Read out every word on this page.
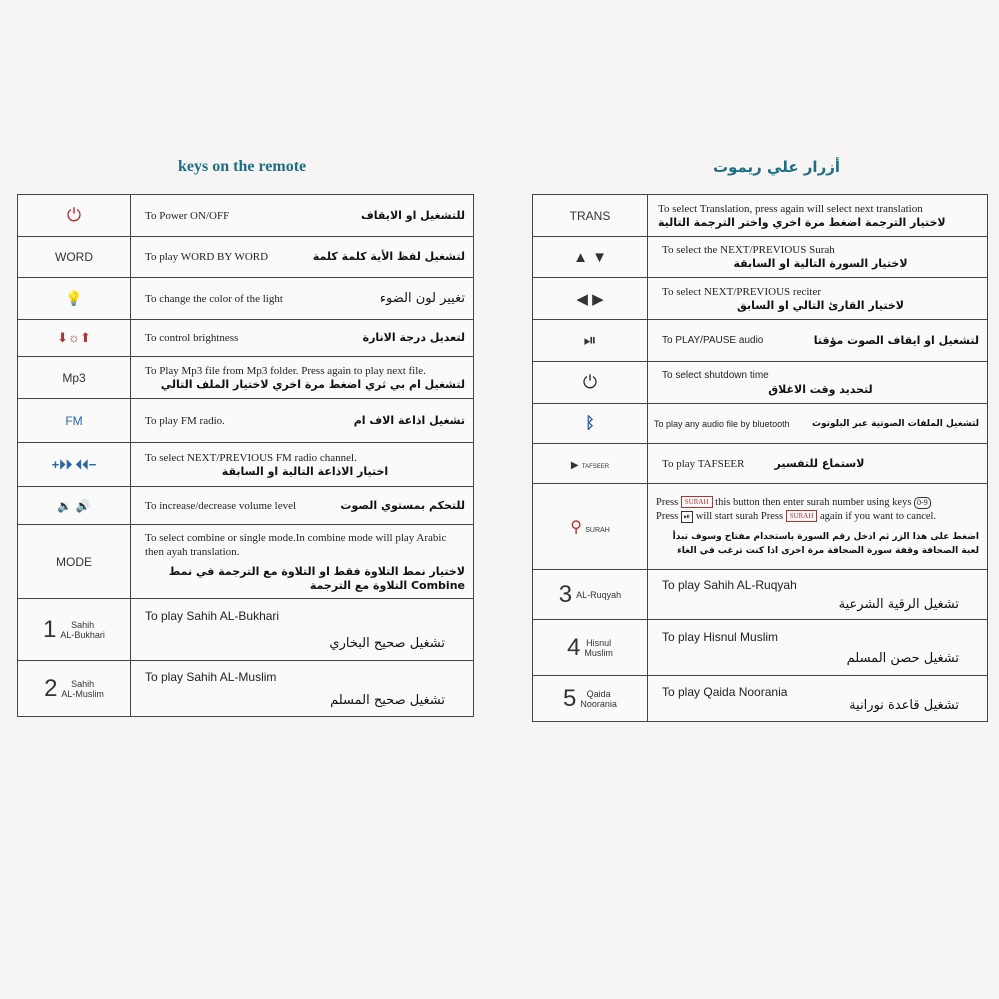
keys on the remote	أزرار علي ريموت
⏻	To Power ON/OFF للتشغيل او الايقاف

WORD	To play WORD BY WORD لتشغيل لفظ الأية كلمة كلمة

💡	To change the color of the light تغيير لون الضوء

⬇☼⬆	To control brightness لتعديل درجة الانارة

Mp3	To Play Mp3 file from Mp3 folder. Press again to play next file.
لتشغيل ام بي ثري اضغط مرة اخري لاختيار الملف التالي

FM	To play FM radio. تشغيل اذاعة الاف ام

+⏵⏵ ⏴⏴−	To select NEXT/PREVIOUS FM radio channel.
اختيار الاذاعة التالية او السابقة

🔉 🔊	To increase/decrease volume level للتحكم بمستوي الصوت

MODE	To select combine or single mode.In combine mode will play Arabic then ayah translation.
لاختيار نمط التلاوة فقط او التلاوة مع الترجمة في نمط Combine التلاوة مع الترجمة

1 Sahih
AL-Bukhari	To play Sahih AL-Bukhari
تشغيل صحيح البخاري

2 Sahih
AL-Muslim	To play Sahih AL-Muslim
تشغيل صحيح المسلم
TRANS	To select Translation, press again will select next translation
لاختيار الترجمة اضغط مرة اخري واختر الترجمة التالية

▲ ▼	To select the NEXT/PREVIOUS Surah
لاختيار السورة التالية او السابقة

◀ ▶	To select NEXT/PREVIOUS reciter
لاختيار القارئ التالي او السابق

⏯	To PLAY/PAUSE audio لتشغيل او ايقاف الصوت مؤقتا

⏻	To select shutdown time
لتحديد وقت الاغلاق

ᛒ	To play any audio file by bluetooth لتشغيل الملفات الصوتية عبر البلوتوث

▶ TAFSEER	To play TAFSEER لاستماع للتفسير

⚲ SURAH	Press SURAH this button then enter surah number using keys 0-9
Press ⏯ will start surah Press SURAH again if you want to cancel.
اضغط على هذا الزر ثم ادخل رقم السورة باستخدام مفتاح وسوف تبدأ
لعبة الصحافة وقفة سورة الصحافة مرة اخرى اذا كنت ترغب في الغاء

3 AL-Ruqyah	To play Sahih AL-Ruqyah
تشغيل الرقية الشرعية

4 Hisnul
Muslim	To play Hisnul Muslim
تشغيل حصن المسلم

5 Qaida
Noorania	To play Qaida Noorania
تشغيل قاعدة نورانية
